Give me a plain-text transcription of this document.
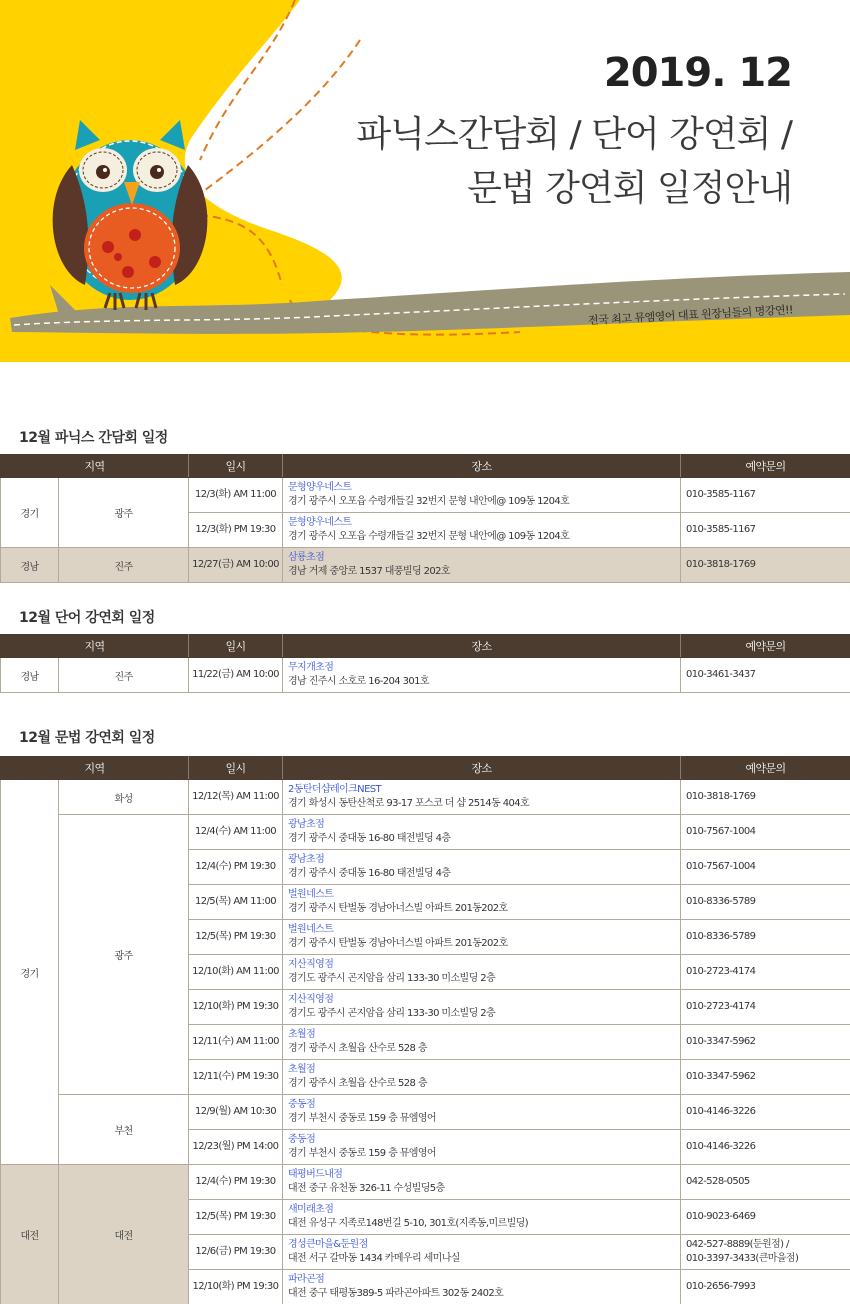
2019. 12
파닉스간담회 / 단어 강연회 /
문법 강연회 일정안내
전국 최고 뮤엠영어 대표 원장님들의 명강연!!
12월 파닉스 간담회 일정
지역		일시	장소	예약문의
경기	광주	12/3(화) AM 11:00	문형양우네스트
경기 광주시 오포읍 수령개들길 32번지 문형 내안에@ 109동 1204호	010-3585-1167
		12/3(화) PM 19:30	문형양우네스트
경기 광주시 오포읍 수령개들길 32번지 문형 내안에@ 109동 1204호	010-3585-1167
경남	진주	12/27(금) AM 10:00	삼룡초점
경남 거제 중앙로 1537 대풍빌딩 202호	010-3818-1769
12월 단어 강연회 일정
지역		일시	장소	예약문의
경남	진주	11/22(금) AM 10:00	무지개초점
경남 진주시 소호로 16-204 301호	010-3461-3437
12월 문법 강연회 일정
지역		일시	장소	예약문의
경기	화성	12/12(목) AM 11:00	2동탄더샵레이크NEST
경기 화성시 동탄산척로 93-17 포스코 더 샵 2514동 404호	010-3818-1769
	광주	12/4(수) AM 11:00	광남초점
경기 광주시 중대동 16-80 태전빌딩 4층	010-7567-1004
		12/4(수) PM 19:30	광남초점
경기 광주시 중대동 16-80 태전빌딩 4층	010-7567-1004
		12/5(목) AM 11:00	벌원네스트
경기 광주시 탄벌동 경남아너스빌 아파트 201동202호	010-8336-5789
		12/5(목) PM 19:30	벌원네스트
경기 광주시 탄벌동 경남아너스빌 아파트 201동202호	010-8336-5789
		12/10(화) AM 11:00	지산직영점
경기도 광주시 곤지암읍 삼리 133-30 미소빌딩 2층	010-2723-4174
		12/10(화) PM 19:30	지산직영점
경기도 광주시 곤지암읍 삼리 133-30 미소빌딩 2층	010-2723-4174
		12/11(수) AM 11:00	초월점
경기 광주시 초월읍 산수로 528 층	010-3347-5962
		12/11(수) PM 19:30	초월점
경기 광주시 초월읍 산수로 528 층	010-3347-5962
	부천	12/9(월) AM 10:30	중동점
경기 부천시 중동로 159 층 뮤엠영어	010-4146-3226
		12/23(월) PM 14:00	중동점
경기 부천시 중동로 159 층 뮤엠영어	010-4146-3226
대전	대전	12/4(수) PM 19:30	태평버드내점
대전 중구 유천동 326-11 수성빌딩5층	042-528-0505
		12/5(목) PM 19:30	새미래초점
대전 유성구 지족로148번길 5-10, 301호(지족동,미르빌딩)	010-9023-6469
		12/6(금) PM 19:30	경성큰마을&둔원점
대전 서구 갈마동 1434 카메우리 세미나실	042-527-8889(둔원점) /
010-3397-3433(큰마을점)

		12/10(화) PM 19:30	파라곤점
대전 중구 태평동389-5 파라곤아파트 302동 2402호	010-2656-7993
